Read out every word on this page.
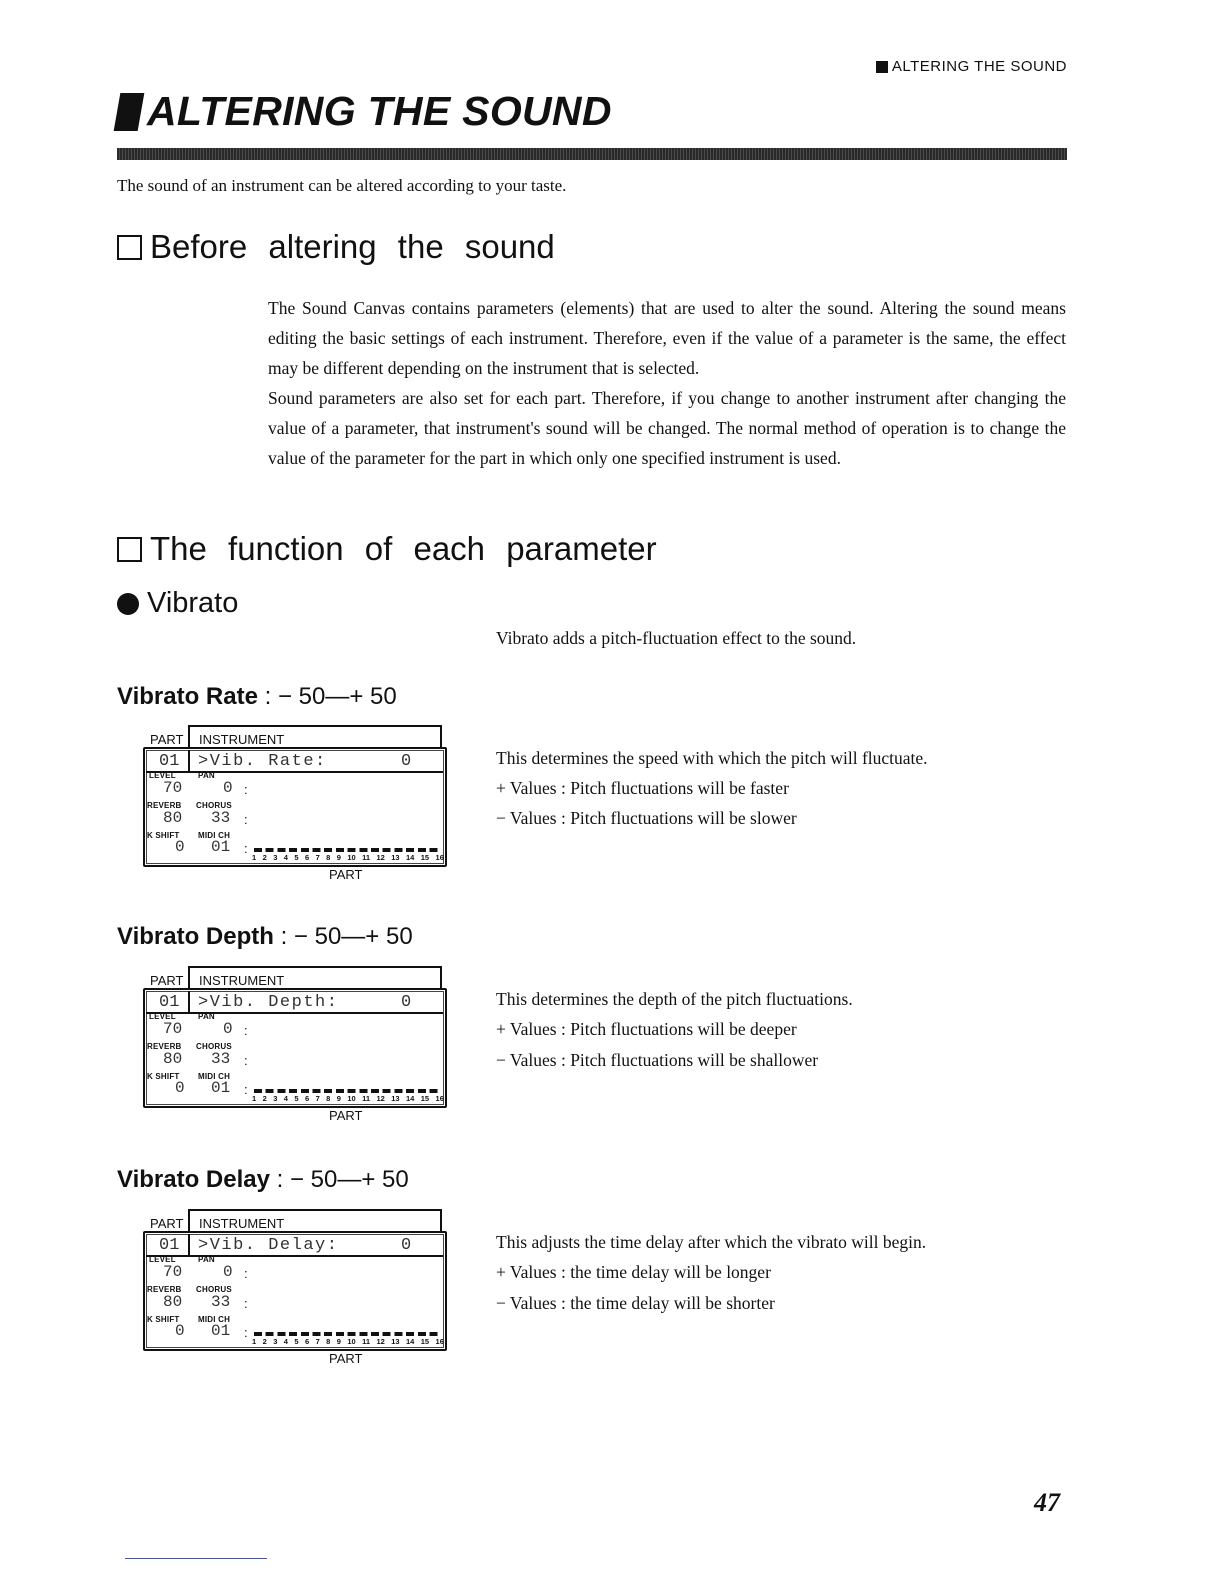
ALTERING THE SOUND
ALTERING THE SOUND
The sound of an instrument can be altered according to your taste.
Before altering the sound

The Sound Canvas contains parameters (elements) that are used to alter the sound. Altering the sound means editing the basic settings of each instrument. Therefore, even if the value of a parameter is the same, the effect may be different depending on the instrument that is selected.

Sound parameters are also set for each part. Therefore, if you change to another instrument after changing the value of a parameter, that instrument's sound will be changed. The normal method of operation is to change the value of the parameter for the part in which only one specified instrument is used.

The function of each parameter
Vibrato
Vibrato adds a pitch-fluctuation effect to the sound.
Vibrato Rate : − 50—+ 50
PART INSTRUMENT
01 >Vib. Rate:	0
LEVEL	PAN
70	0 :
REVERB CHORUS
80 33 :
K SHIFT MIDI CH
0 01 :
1 2 3 4 5 6 7 8 9 10 11 12 13 14 15 16
PART
This determines the speed with which the pitch will fluctuate.
+ Values : Pitch fluctuations will be faster
− Values : Pitch fluctuations will be slower
Vibrato Depth : − 50—+ 50
PART INSTRUMENT
01 >Vib. Depth:	0
LEVEL	PAN
70	0 :
REVERB CHORUS
80 33 :
K SHIFT MIDI CH
0 01 :
1 2 3 4 5 6 7 8 9 10 11 12 13 14 15 16
PART
This determines the depth of the pitch fluctuations.
+ Values : Pitch fluctuations will be deeper
− Values : Pitch fluctuations will be shallower
Vibrato Delay : − 50—+ 50
PART INSTRUMENT
01 >Vib. Delay:	0
LEVEL	PAN
70	0 :
REVERB CHORUS
80 33 :
K SHIFT MIDI CH
0 01 :
1 2 3 4 5 6 7 8 9 10 11 12 13 14 15 16
PART
This adjusts the time delay after which the vibrato will begin.
+ Values : the time delay will be longer
− Values : the time delay will be shorter
47
